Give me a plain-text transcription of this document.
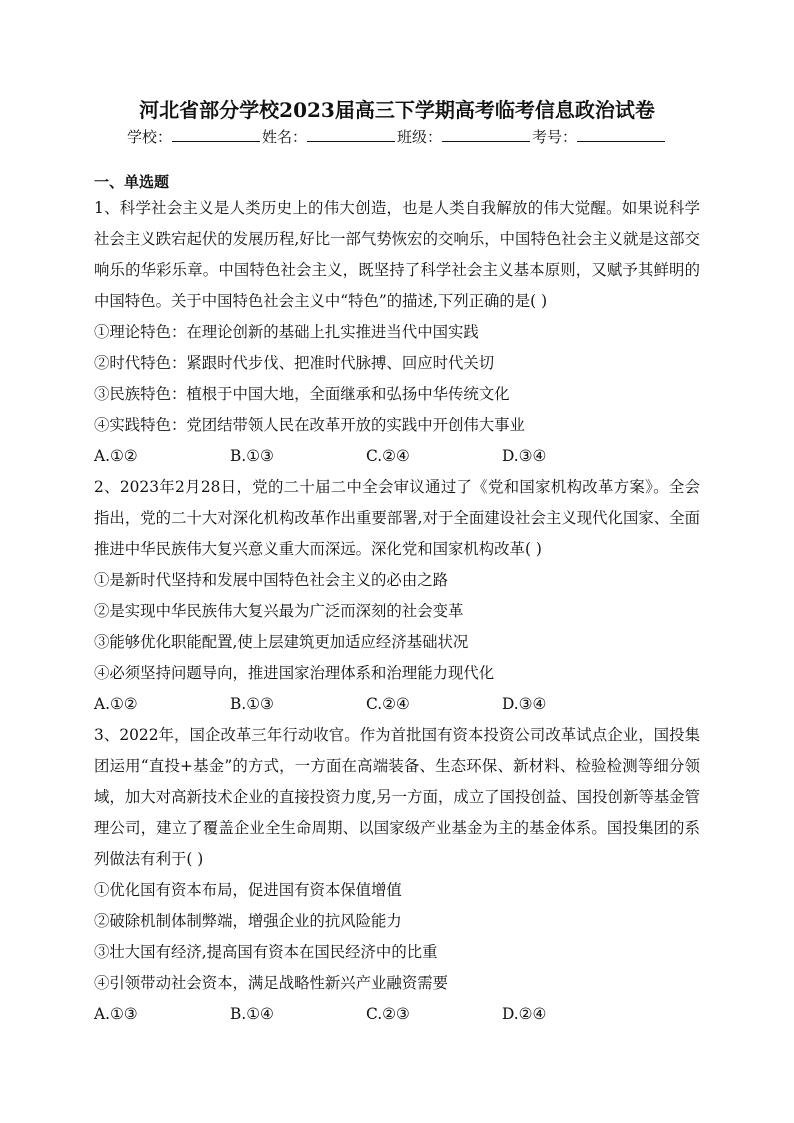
河北省部分学校2023届高三下学期高考临考信息政治试卷
学校：	姓名：	班级：	考号：
一、单选题

1、科学社会主义是人类历史上的伟大创造，也是人类自我解放的伟大觉醒。如果说科学社会主义跌宕起伏的发展历程,好比一部气势恢宏的交响乐，中国特色社会主义就是这部交响乐的华彩乐章。中国特色社会主义，既坚持了科学社会主义基本原则，又赋予其鲜明的中国特色。关于中国特色社会主义中“特色”的描述,下列正确的是( )

①理论特色：在理论创新的基础上扎实推进当代中国实践

②时代特色：紧跟时代步伐、把准时代脉搏、回应时代关切

③民族特色：植根于中国大地，全面继承和弘扬中华传统文化

④实践特色：党团结带领人民在改革开放的实践中开创伟大事业

A.①②	B.①③	C.②④	D.③④

2、2023年2月28日，党的二十届二中全会审议通过了《党和国家机构改革方案》。全会指出，党的二十大对深化机构改革作出重要部署,对于全面建设社会主义现代化国家、全面推进中华民族伟大复兴意义重大而深远。深化党和国家机构改革( )

①是新时代坚持和发展中国特色社会主义的必由之路

②是实现中华民族伟大复兴最为广泛而深刻的社会变革

③能够优化职能配置,使上层建筑更加适应经济基础状况

④必须坚持问题导向，推进国家治理体系和治理能力现代化

A.①②	B.①③	C.②④	D.③④

3、2022年，国企改革三年行动收官。作为首批国有资本投资公司改革试点企业，国投集团运用“直投+基金”的方式，一方面在高端装备、生态环保、新材料、检验检测等细分领域，加大对高新技术企业的直接投资力度,另一方面，成立了国投创益、国投创新等基金管理公司，建立了覆盖企业全生命周期、以国家级产业基金为主的基金体系。国投集团的系列做法有利于( )

①优化国有资本布局，促进国有资本保值增值

②破除机制体制弊端，增强企业的抗风险能力

③壮大国有经济,提高国有资本在国民经济中的比重

④引领带动社会资本，满足战略性新兴产业融资需要

A.①③	B.①④	C.②③	D.②④
